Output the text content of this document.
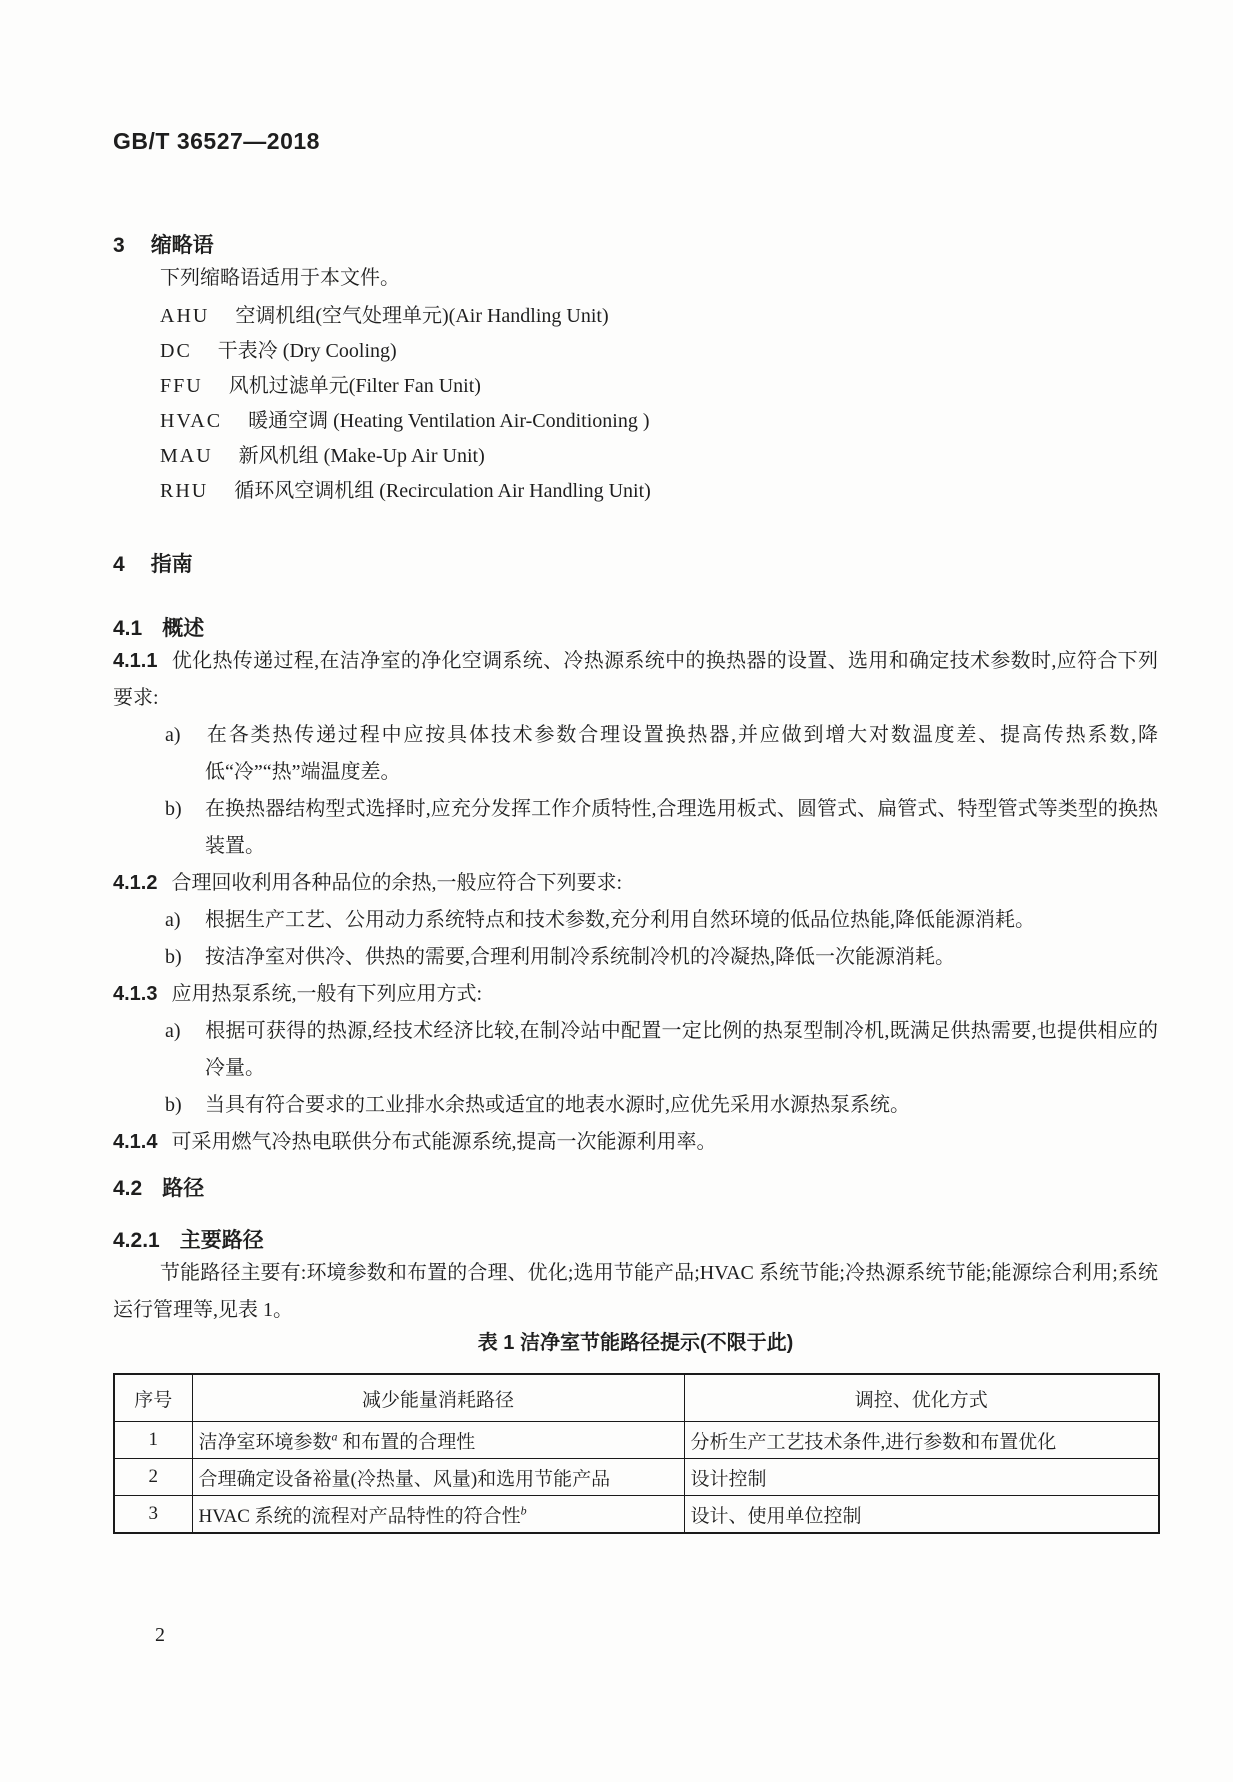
GB/T 36527—2018
3 缩略语

下列缩略语适用于本文件。

AHU 空调机组(空气处理单元)(Air Handling Unit)
DC 干表冷 (Dry Cooling)
FFU 风机过滤单元(Filter Fan Unit)
HVAC 暖通空调 (Heating Ventilation Air-Conditioning )
MAU 新风机组 (Make-Up Air Unit)
RHU 循环风空调机组 (Recirculation Air Handling Unit)
4 指南
4.1 概述

4.1.1 优化热传递过程,在洁净室的净化空调系统、冷热源系统中的换热器的设置、选用和确定技术参数时,应符合下列要求:

a) 在各类热传递过程中应按具体技术参数合理设置换热器,并应做到增大对数温度差、提高传热系数,降低“冷”“热”端温度差。

b) 在换热器结构型式选择时,应充分发挥工作介质特性,合理选用板式、圆管式、扁管式、特型管式等类型的换热装置。

4.1.2 合理回收利用各种品位的余热,一般应符合下列要求:

a) 根据生产工艺、公用动力系统特点和技术参数,充分利用自然环境的低品位热能,降低能源消耗。

b) 按洁净室对供冷、供热的需要,合理利用制冷系统制冷机的冷凝热,降低一次能源消耗。

4.1.3 应用热泵系统,一般有下列应用方式:

a) 根据可获得的热源,经技术经济比较,在制冷站中配置一定比例的热泵型制冷机,既满足供热需要,也提供相应的冷量。

b) 当具有符合要求的工业排水余热或适宜的地表水源时,应优先采用水源热泵系统。

4.1.4 可采用燃气冷热电联供分布式能源系统,提高一次能源利用率。

4.2 路径
4.2.1 主要路径

节能路径主要有:环境参数和布置的合理、优化;选用节能产品;HVAC 系统节能;冷热源系统节能;能源综合利用;系统运行管理等,见表 1。

表 1 洁净室节能路径提示(不限于此)

序号	减少能量消耗路径	调控、优化方式
1	洁净室环境参数$^a$ 和布置的合理性	分析生产工艺技术条件,进行参数和布置优化
2	合理确定设备裕量(冷热量、风量)和选用节能产品	设计控制
3	HVAC 系统的流程对产品特性的符合性$^b$	设计、使用单位控制
2
